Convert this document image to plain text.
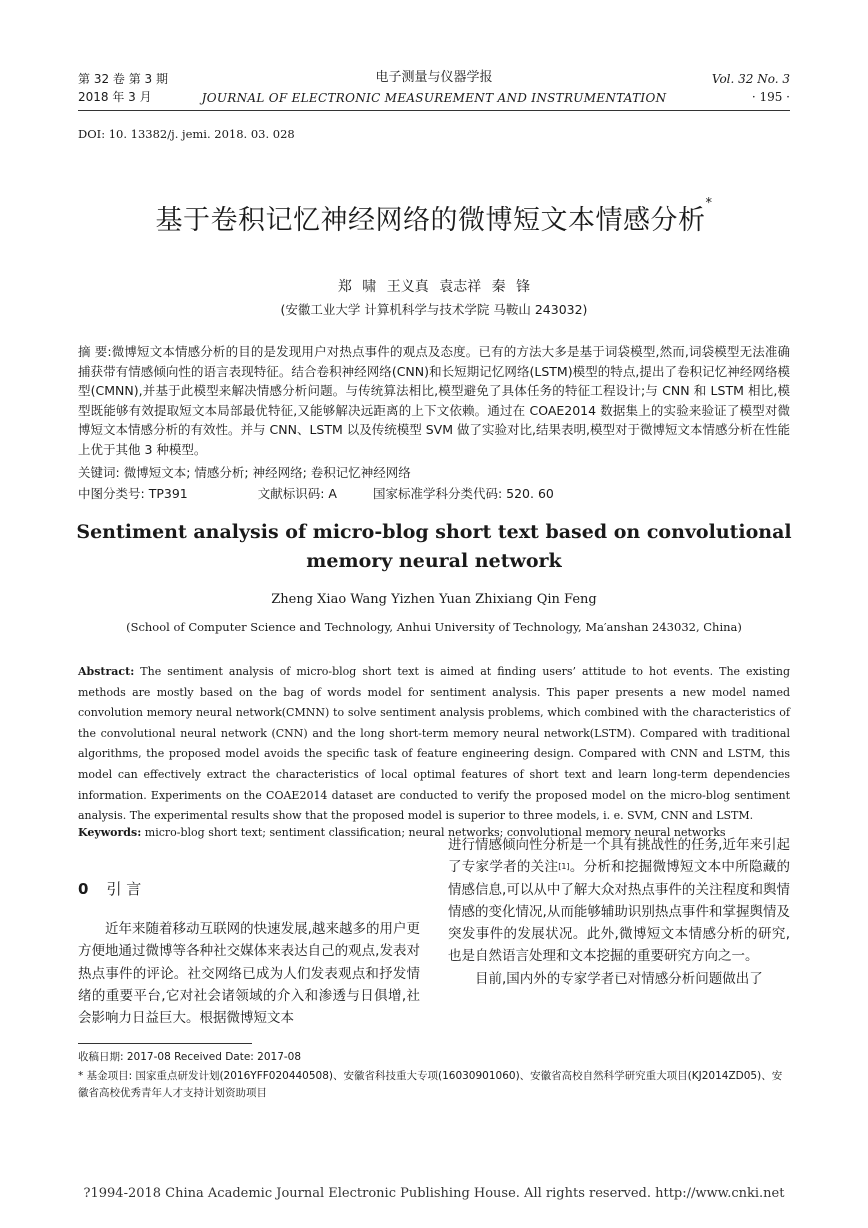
第 32 卷 第 3 期
2018 年 3 月
电子测量与仪器学报
JOURNAL OF ELECTRONIC MEASUREMENT AND INSTRUMENTATION
Vol. 32 No. 3
· 195 ·
DOI: 10. 13382/j. jemi. 2018. 03. 028
基于卷积记忆神经网络的微博短文本情感分析*
郑 啸 王义真 袁志祥 秦 锋
(安徽工业大学 计算机科学与技术学院 马鞍山 243032)
摘 要:微博短文本情感分析的目的是发现用户对热点事件的观点及态度。已有的方法大多是基于词袋模型,然而,词袋模型无法准确捕获带有情感倾向性的语言表现特征。结合卷积神经网络(CNN)和长短期记忆网络(LSTM)模型的特点,提出了卷积记忆神经网络模型(CMNN),并基于此模型来解决情感分析问题。与传统算法相比,模型避免了具体任务的特征工程设计;与 CNN 和 LSTM 相比,模型既能够有效提取短文本局部最优特征,又能够解决远距离的上下文依赖。通过在 COAE2014 数据集上的实验来验证了模型对微博短文本情感分析的有效性。并与 CNN、LSTM 以及传统模型 SVM 做了实验对比,结果表明,模型对于微博短文本情感分析在性能上优于其他 3 种模型。
关键词: 微博短文本; 情感分析; 神经网络; 卷积记忆神经网络
中图分类号: TP391	文献标识码: A	国家标准学科分类代码: 520. 60
Sentiment analysis of micro-blog short text based on convolutional
memory neural network
Zheng Xiao Wang Yizhen Yuan Zhixiang Qin Feng
(School of Computer Science and Technology, Anhui University of Technology, Ma′anshan 243032, China)
Abstract: The sentiment analysis of micro-blog short text is aimed at finding users’ attitude to hot events. The existing methods are mostly based on the bag of words model for sentiment analysis. This paper presents a new model named convolution memory neural network(CMNN) to solve sentiment analysis problems, which combined with the characteristics of the convolutional neural network (CNN) and the long short-term memory neural network(LSTM). Compared with traditional algorithms, the proposed model avoids the specific task of feature engineering design. Compared with CNN and LSTM, this model can effectively extract the characteristics of local optimal features of short text and learn long-term dependencies information. Experiments on the COAE2014 dataset are conducted to verify the proposed model on the micro-blog sentiment analysis. The experimental results show that the proposed model is superior to three models, i. e. SVM, CNN and LSTM.
Keywords: micro-blog short text; sentiment classification; neural networks; convolutional memory neural networks
0 引 言
近年来随着移动互联网的快速发展,越来越多的用户更方便地通过微博等各种社交媒体来表达自己的观点,发表对热点事件的评论。社交网络已成为人们发表观点和抒发情绪的重要平台,它对社会诸领域的介入和渗透与日俱增,社会影响力日益巨大。根据微博短文本
进行情感倾向性分析是一个具有挑战性的任务,近年来引起了专家学者的关注[1]。分析和挖掘微博短文本中所隐藏的情感信息,可以从中了解大众对热点事件的关注程度和舆情情感的变化情况,从而能够辅助识别热点事件和掌握舆情及突发事件的发展状况。此外,微博短文本情感分析的研究,也是自然语言处理和文本挖掘的重要研究方向之一。
目前,国内外的专家学者已对情感分析问题做出了
收稿日期: 2017-08 Received Date: 2017-08
* 基金项目: 国家重点研发计划(2016YFF020440508)、安徽省科技重大专项(16030901060)、安徽省高校自然科学研究重大项目(KJ2014ZD05)、安徽省高校优秀青年人才支持计划资助项目
?1994-2018 China Academic Journal Electronic Publishing House. All rights reserved. http://www.cnki.net
